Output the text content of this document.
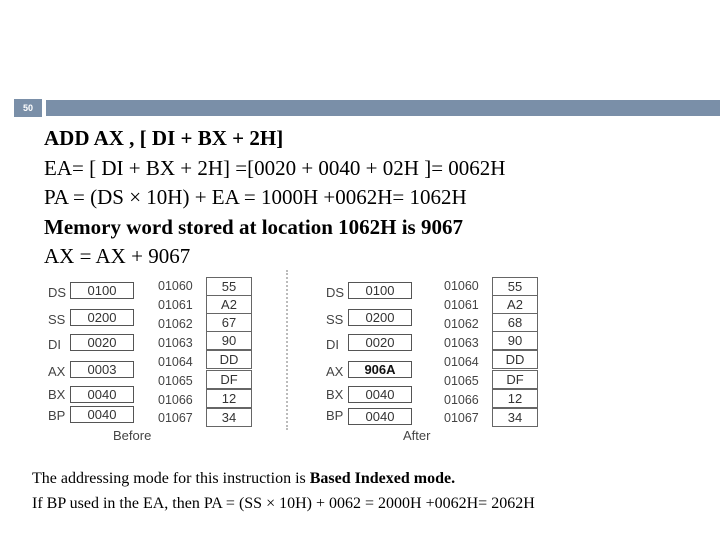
50
ADD AX , [ DI + BX + 2H]
EA= [ DI + BX + 2H] =[0020 + 0040 + 02H ]= 0062H
PA = (DS × 10H) + EA = 1000H +0062H= 1062H
Memory word stored at location 1062H is 9067
AX = AX + 9067
DS	0100
SS	0200
DI	0020
AX	0003
BX	0040
BP	0040
01060	55
01061	A2
01062	67
01063	90
01064	DD
01065	DF
01066	12
01067	34
Before
DS	0100
SS	0200
DI	0020
AX	906A
BX	0040
BP	0040
01060	55
01061	A2
01062	68
01063	90
01064	DD
01065	DF
01066	12
01067	34
After
The addressing mode for this instruction is Based Indexed mode.
If BP used in the EA, then PA = (SS × 10H) + 0062 = 2000H +0062H= 2062H
